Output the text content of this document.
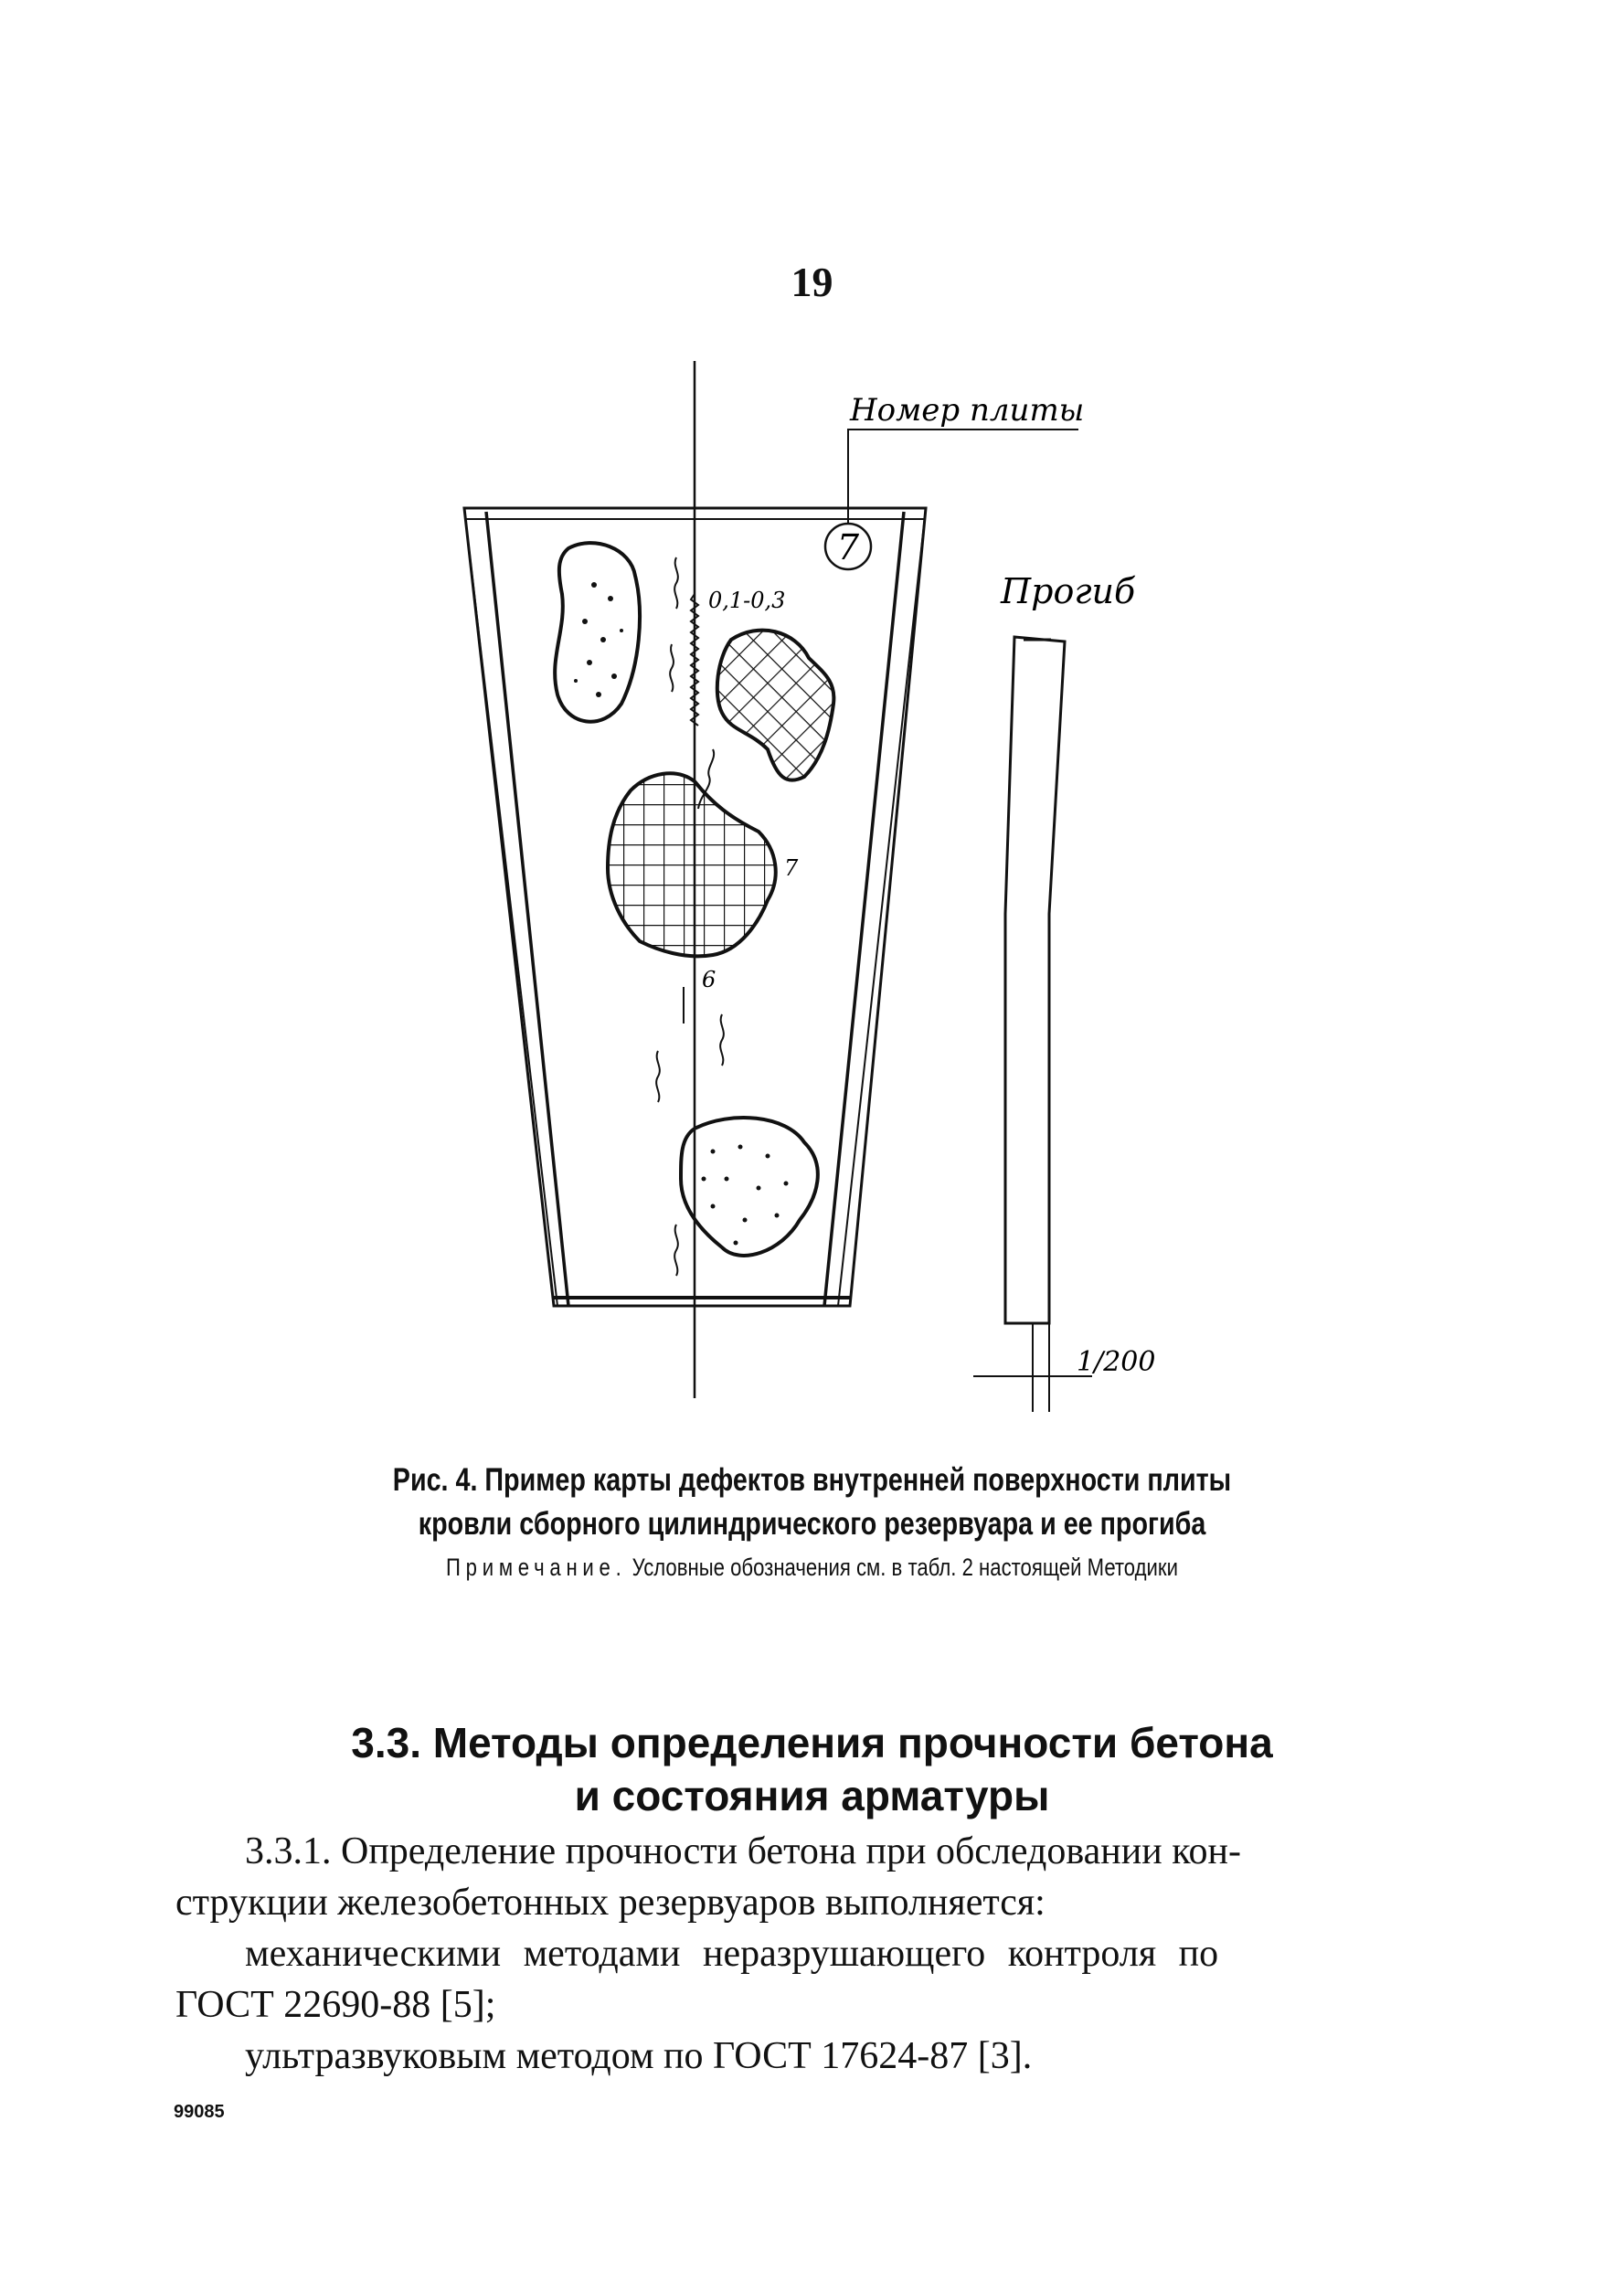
19
7
Номер плиты
0,1-0,3
7
6
Прогиб
1/200
Рис. 4. Пример карты дефектов внутренней поверхности плиты
кровли сборного цилиндрического резервуара и ее прогиба
Примечание. Условные обозначения см. в табл. 2 настоящей Методики
3.3. Методы определения прочности бетона
и состояния арматуры
3.3.1. Определение прочности бетона при обследовании кон-
струкции железобетонных резервуаров выполняется:
механическими методами неразрушающего контроля по
ГОСТ 22690-88 [5];
ультразвуковым методом по ГОСТ 17624-87 [3].
99085
